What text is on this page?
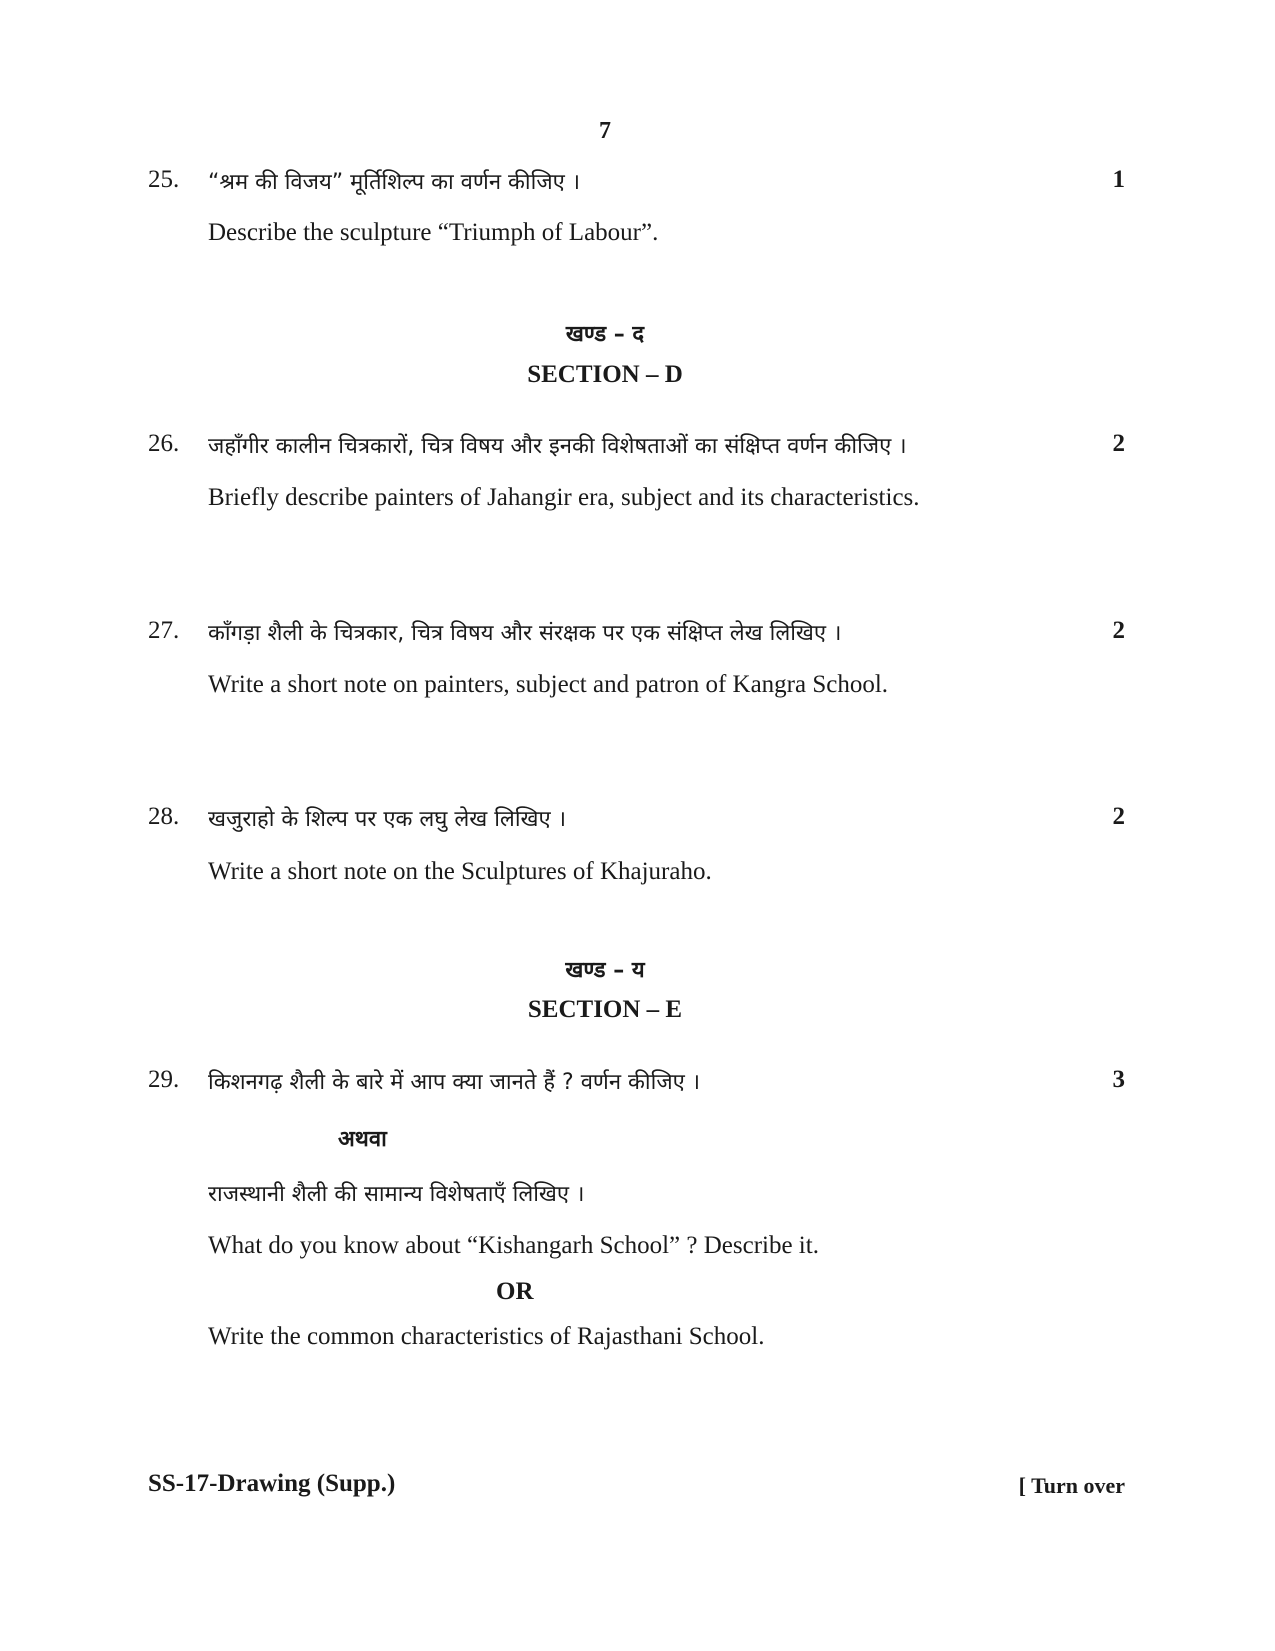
7
25. “श्रम की विजय” मूर्तिशिल्प का वर्णन कीजिए ।	1
Describe the sculpture “Triumph of Labour”.
खण्ड – द
SECTION – D
26. जहाँगीर कालीन चित्रकारों, चित्र विषय और इनकी विशेषताओं का संक्षिप्त वर्णन कीजिए ।	2
Briefly describe painters of Jahangir era, subject and its characteristics.
27. काँगड़ा शैली के चित्रकार, चित्र विषय और संरक्षक पर एक संक्षिप्त लेख लिखिए ।	2
Write a short note on painters, subject and patron of Kangra School.
28. खजुराहो के शिल्प पर एक लघु लेख लिखिए ।	2
Write a short note on the Sculptures of Khajuraho.
खण्ड – य
SECTION – E
29. किशनगढ़ शैली के बारे में आप क्या जानते हैं ? वर्णन कीजिए ।	3
अथवा
राजस्थानी शैली की सामान्य विशेषताएँ लिखिए ।
What do you know about “Kishangarh School” ? Describe it.
OR
Write the common characteristics of Rajasthani School.
SS-17-Drawing (Supp.)	[ Turn over
